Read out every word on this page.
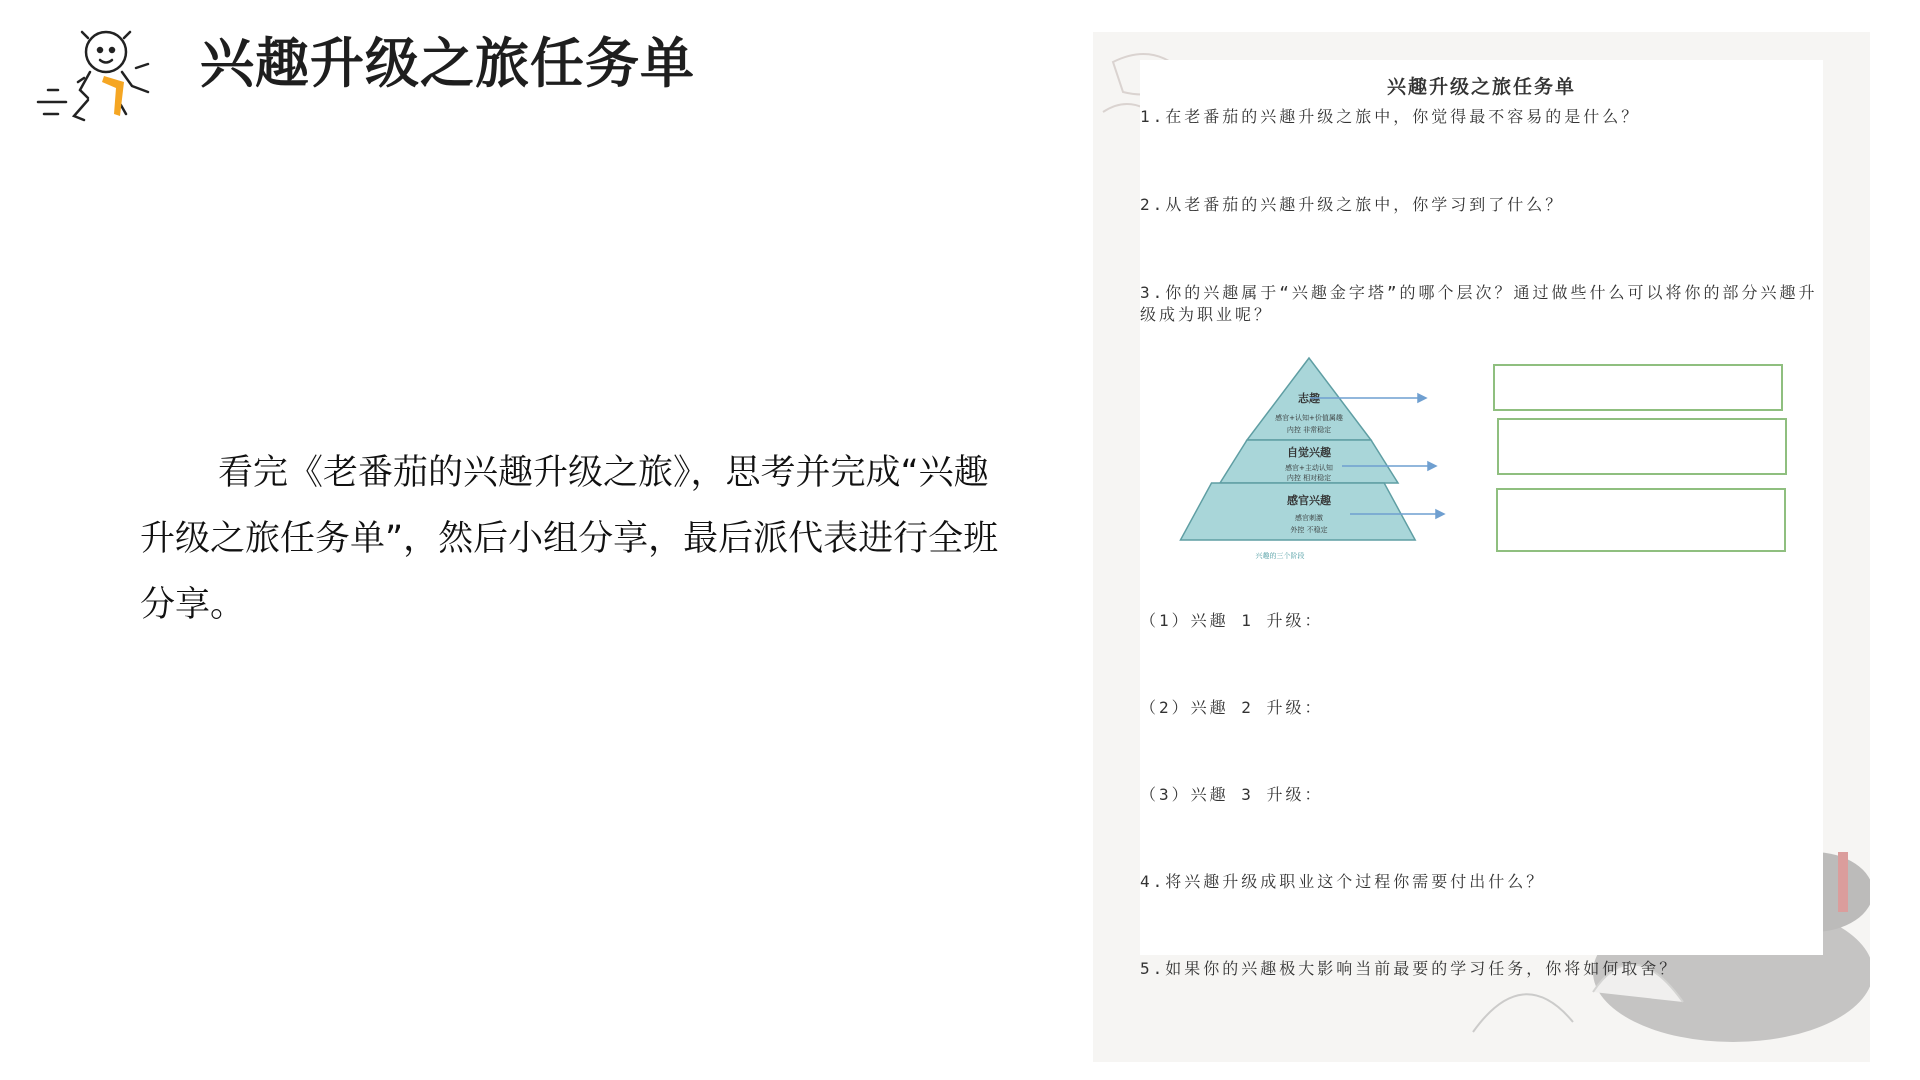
兴趣升级之旅任务单

看完《老番茄的兴趣升级之旅》，思考并完成“兴趣升级之旅任务单”，然后小组分享，最后派代表进行全班分享。

兴趣升级之旅任务单

1.在老番茄的兴趣升级之旅中，你觉得最不容易的是什么？

2.从老番茄的兴趣升级之旅中，你学习到了什么？

3.你的兴趣属于“兴趣金字塔”的哪个层次？通过做些什么可以将你的部分兴趣升级成为职业呢？

志趣
感官+认知+价值属趣
内控 非常稳定
自觉兴趣
感官+主动认知
内控 相对稳定
感官兴趣
感官刺激
外控 不稳定
兴趣的三个阶段

（1）兴趣 1 升级：

（2）兴趣 2 升级：

（3）兴趣 3 升级：

4.将兴趣升级成职业这个过程你需要付出什么？

5.如果你的兴趣极大影响当前最要的学习任务，你将如何取舍？
